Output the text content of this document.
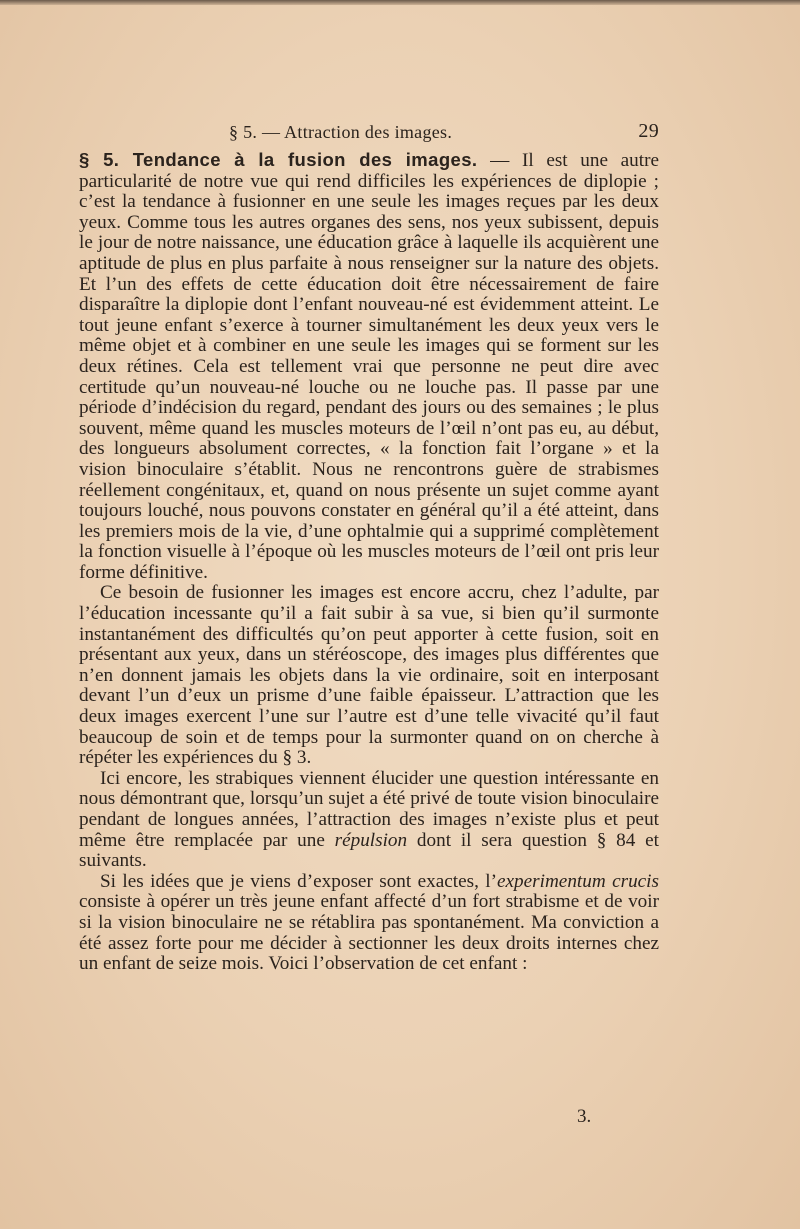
§ 5. — Attraction des images.	29

§ 5. Tendance à la fusion des images. — Il est une autre particularité de notre vue qui rend difficiles les expériences de diplopie ; c’est la tendance à fusionner en une seule les images reçues par les deux yeux. Comme tous les autres organes des sens, nos yeux subissent, depuis le jour de notre naissance, une éducation grâce à laquelle ils acquièrent une aptitude de plus en plus parfaite à nous renseigner sur la nature des objets. Et l’un des effets de cette éducation doit être nécessairement de faire disparaître la diplopie dont l’enfant nouveau-né est évidemment atteint. Le tout jeune enfant s’exerce à tourner simultanément les deux yeux vers le même objet et à combiner en une seule les images qui se forment sur les deux rétines. Cela est tellement vrai que personne ne peut dire avec certitude qu’un nouveau-né louche ou ne louche pas. Il passe par une période d’indécision du regard, pendant des jours ou des semaines ; le plus souvent, même quand les muscles moteurs de l’œil n’ont pas eu, au début, des longueurs absolument correctes, « la fonction fait l’organe » et la vision binoculaire s’établit. Nous ne rencontrons guère de strabismes réellement congénitaux, et, quand on nous présente un sujet comme ayant toujours louché, nous pouvons constater en général qu’il a été atteint, dans les premiers mois de la vie, d’une ophtalmie qui a supprimé complètement la fonction visuelle à l’époque où les muscles moteurs de l’œil ont pris leur forme définitive.

Ce besoin de fusionner les images est encore accru, chez l’adulte, par l’éducation incessante qu’il a fait subir à sa vue, si bien qu’il surmonte instantanément des difficultés qu’on peut apporter à cette fusion, soit en présentant aux yeux, dans un stéréoscope, des images plus différentes que n’en donnent jamais les objets dans la vie ordinaire, soit en interposant devant l’un d’eux un prisme d’une faible épaisseur. L’attraction que les deux images exercent l’une sur l’autre est d’une telle vivacité qu’il faut beaucoup de soin et de temps pour la surmonter quand on on cherche à répéter les expériences du § 3.

Ici encore, les strabiques viennent élucider une question intéressante en nous démontrant que, lorsqu’un sujet a été privé de toute vision binoculaire pendant de longues années, l’attraction des images n’existe plus et peut même être remplacée par une répulsion dont il sera question § 84 et suivants.

Si les idées que je viens d’exposer sont exactes, l’experimentum crucis consiste à opérer un très jeune enfant affecté d’un fort strabisme et de voir si la vision binoculaire ne se rétablira pas spontanément. Ma conviction a été assez forte pour me décider à sectionner les deux droits internes chez un enfant de seize mois. Voici l’observation de cet enfant :

3.
